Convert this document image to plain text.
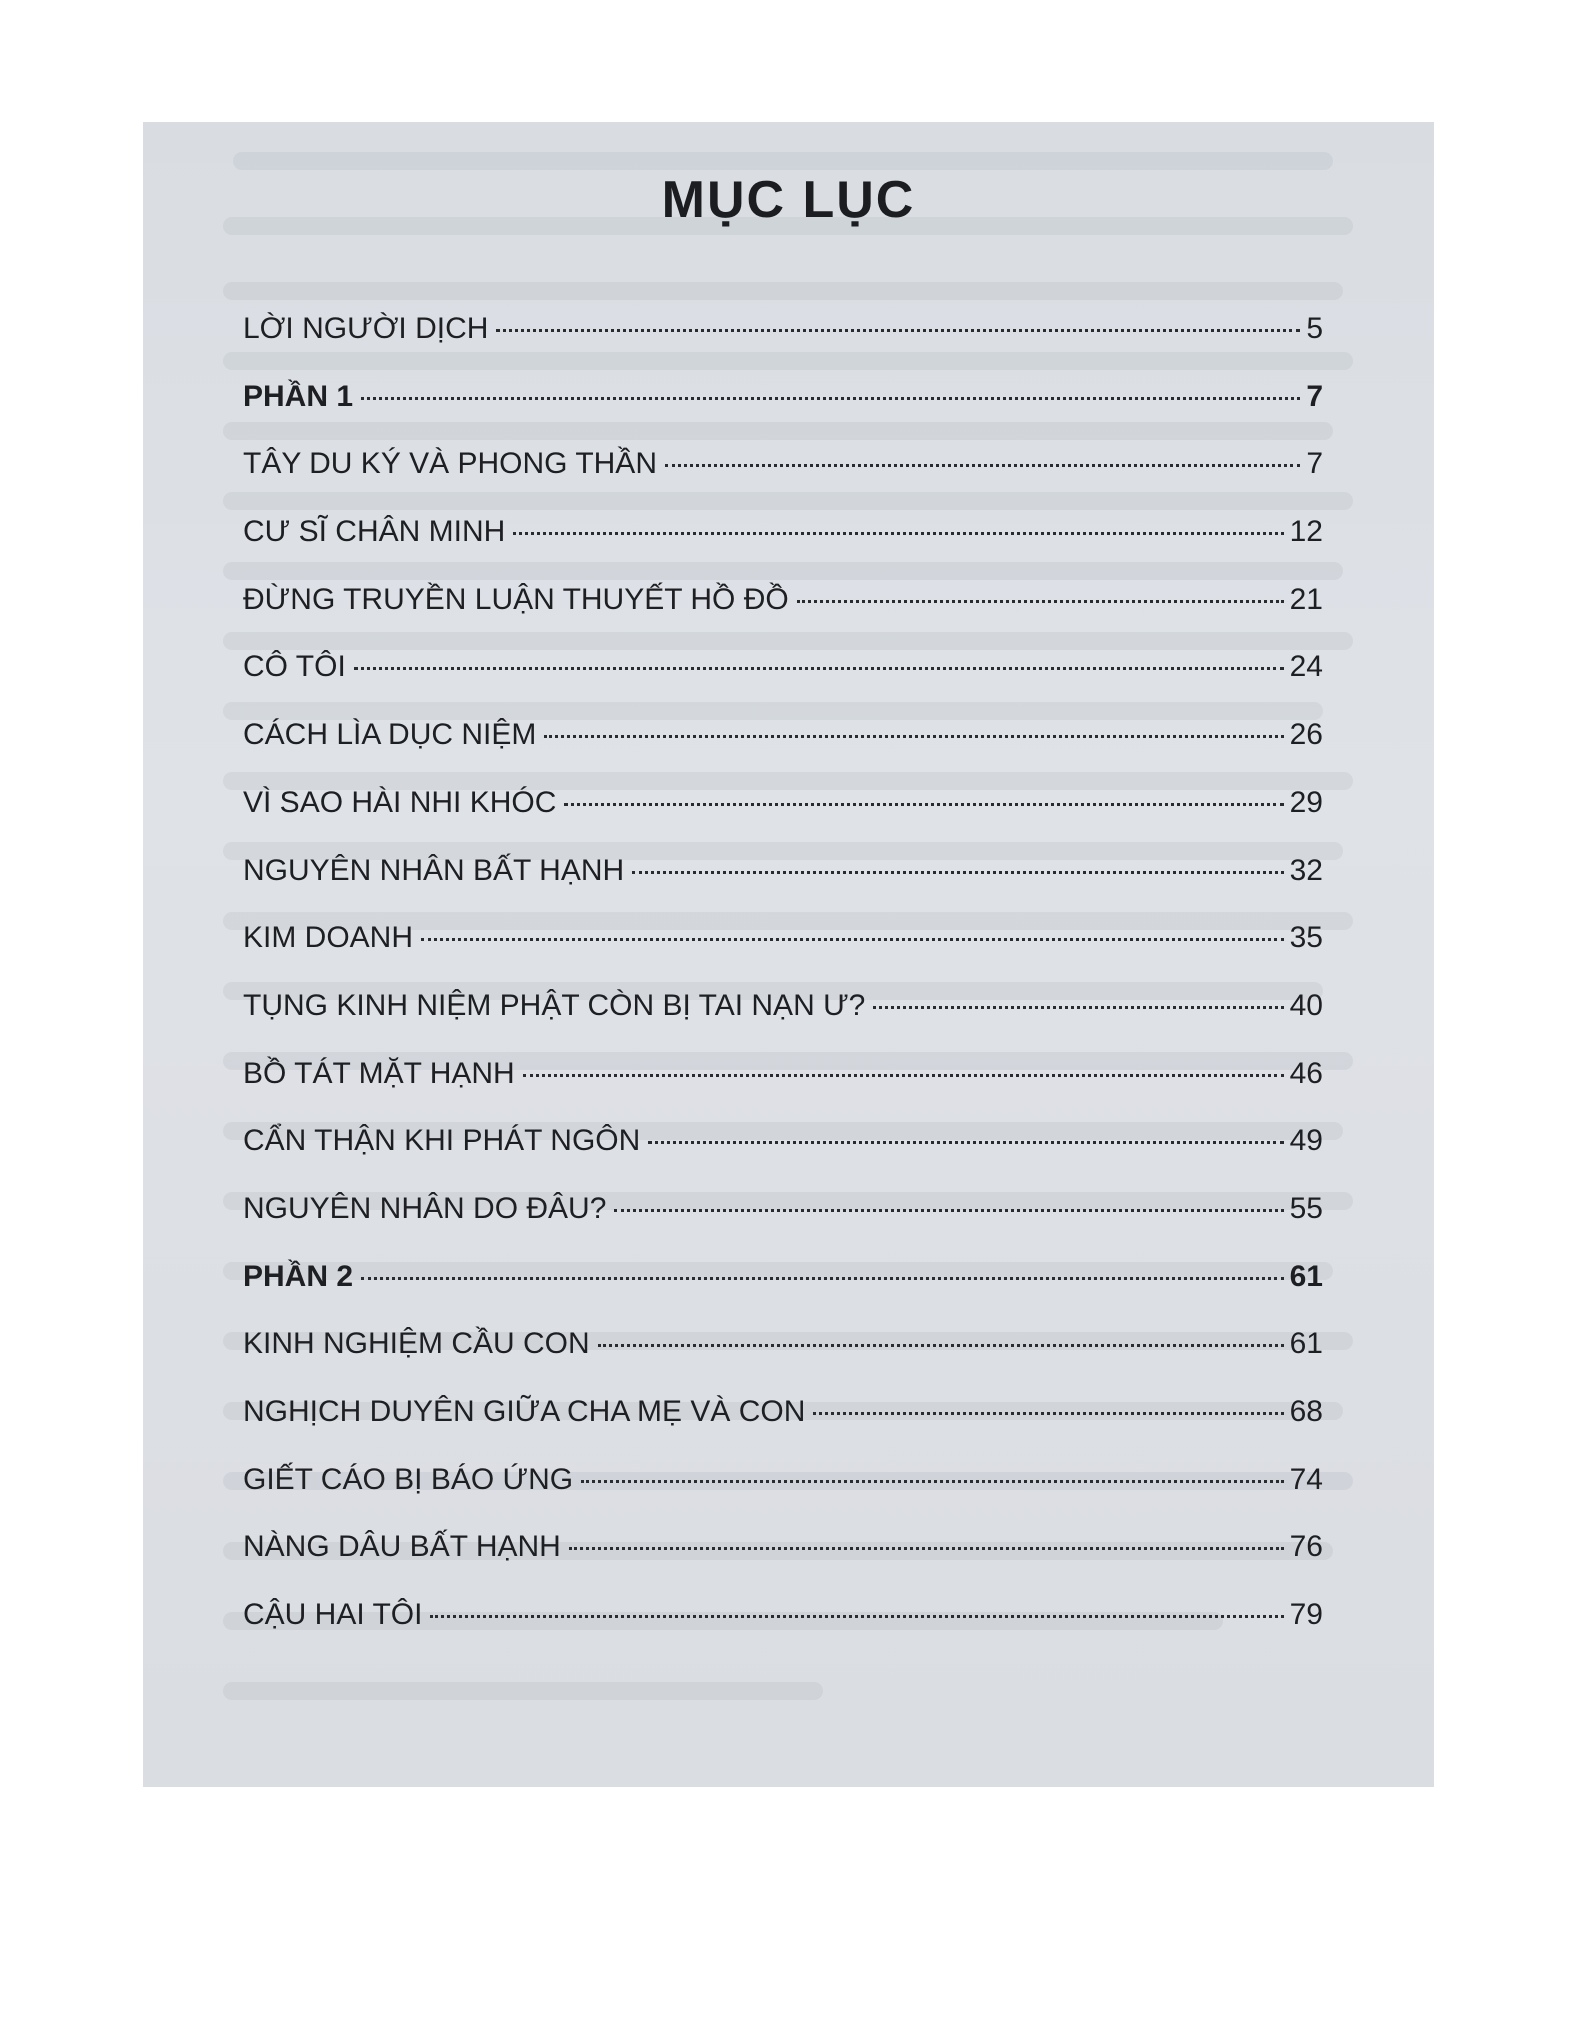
MỤC LỤC
LỜI NGƯỜI DỊCH	5
PHẦN 1	7
TÂY DU KÝ VÀ PHONG THẦN	7
CƯ SĨ CHÂN MINH	12
ĐỪNG TRUYỀN LUẬN THUYẾT HỒ ĐỒ	21
CÔ TÔI	24
CÁCH LÌA DỤC NIỆM	26
VÌ SAO HÀI NHI KHÓC	29
NGUYÊN NHÂN BẤT HẠNH	32
KIM DOANH	35
TỤNG KINH NIỆM PHẬT CÒN BỊ TAI NẠN Ư?	40
BỒ TÁT MẶT HẠNH	46
CẨN THẬN KHI PHÁT NGÔN	49
NGUYÊN NHÂN DO ĐÂU?	55
PHẦN 2	61
KINH NGHIỆM CẦU CON	61
NGHỊCH DUYÊN GIỮA CHA MẸ VÀ CON	68
GIẾT CÁO BỊ BÁO ỨNG	74
NÀNG DÂU BẤT HẠNH	76
CẬU HAI TÔI	79
